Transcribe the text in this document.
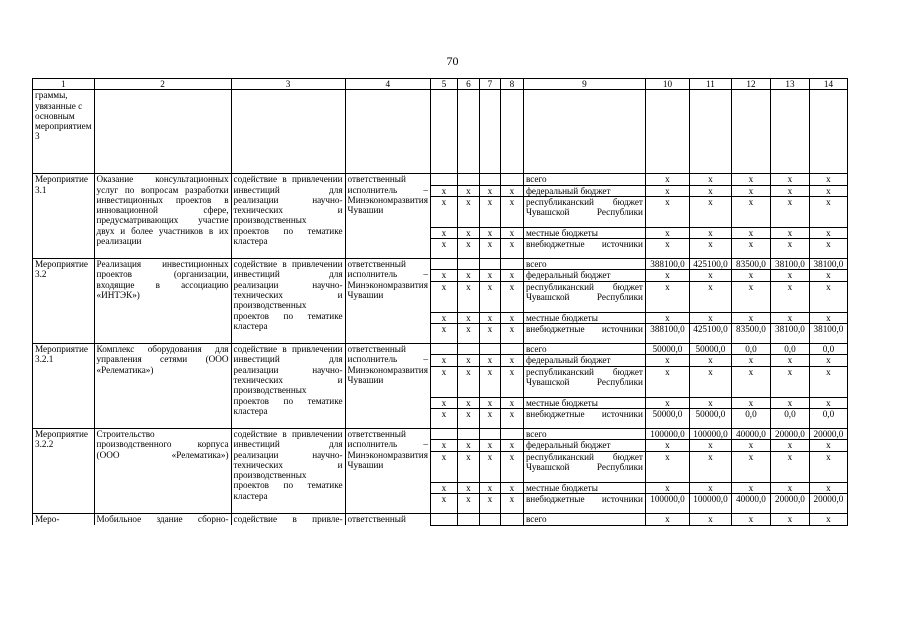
70
1	2	3	4	5	6	7	8	9	10	11	12	13	14
граммы, увязанные с основным мероприятием 3													
Мероприятие 3.1	Оказание консультационных услуг по вопросам разработки инвестиционных проектов в инновационной сфере, предусматривающих участие двух и более участников в их реализации	содействие в привлечении инвестиций для реализации научно-технических и производственных проектов по тематике кластера	ответственный исполнитель – Минэкономразвития Чувашии					всего	х	х	х	х	х
				х	х	х	х	федеральный бюджет	х	х	х	х	х
				х	х	х	х	республиканский бюджет Чувашской Республики	х	х	х	х	х
				х	х	х	х	местные бюджеты	х	х	х	х	х
				х	х	х	х	внебюджетные источники	х	х	х	х	х
Мероприятие 3.2	Реализация инвестиционных проектов (организации, входящие в ассоциацию «ИНТЭК»)	содействие в привлечении инвестиций для реализации научно-технических и производственных проектов по тематике кластера	ответственный исполнитель – Минэкономразвития Чувашии					всего	388100,0	425100,0	83500,0	38100,0	38100,0
				х	х	х	х	федеральный бюджет	х	х	х	х	х
				х	х	х	х	республиканский бюджет Чувашской Республики	х	х	х	х	х
				х	х	х	х	местные бюджеты	х	х	х	х	х
				х	х	х	х	внебюджетные источники	388100,0	425100,0	83500,0	38100,0	38100,0
Мероприятие 3.2.1	Комплекс оборудования для управления сетями (ООО «Релематика»)	содействие в привлечении инвестиций для реализации научно-технических и производственных проектов по тематике кластера	ответственный исполнитель – Минэкономразвития Чувашии					всего	50000,0	50000,0	0,0	0,0	0,0
				х	х	х	х	федеральный бюджет	х	х	х	х	х
				х	х	х	х	республиканский бюджет Чувашской Республики	х	х	х	х	х
				х	х	х	х	местные бюджеты	х	х	х	х	х
				х	х	х	х	внебюджетные источники	50000,0	50000,0	0,0	0,0	0,0
Мероприятие 3.2.2	Строительство производственного корпуса (ООО «Релематика»)	содействие в привлечении инвестиций для реализации научно-технических и производственных проектов по тематике кластера	ответственный исполнитель – Минэкономразвития Чувашии					всего	100000,0	100000,0	40000,0	20000,0	20000,0
				х	х	х	х	федеральный бюджет	х	х	х	х	х
				х	х	х	х	республиканский бюджет Чувашской Республики	х	х	х	х	х
				х	х	х	х	местные бюджеты	х	х	х	х	х
				х	х	х	х	внебюджетные источники	100000,0	100000,0	40000,0	20000,0	20000,0
Меро-	Мобильное здание сборно-	содействие в привле-	ответственный					всего	х	х	х	х	х
